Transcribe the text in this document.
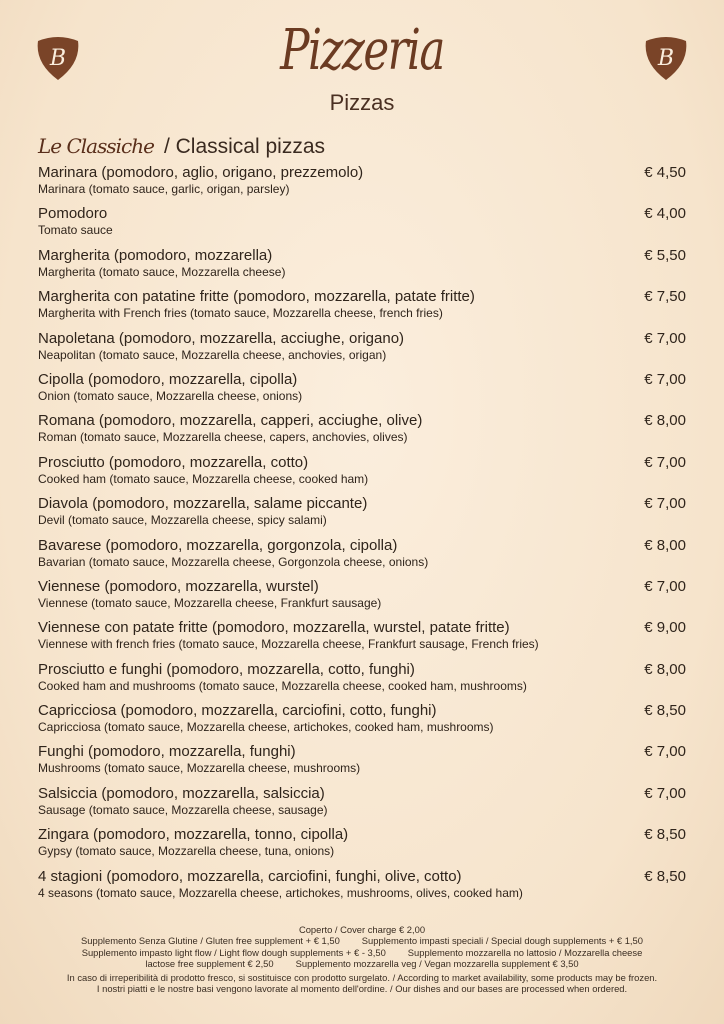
B	B
Pizzeria
Pizzas
Le Classiche / Classical pizzas
Marinara (pomodoro, aglio, origano, prezzemolo)
Marinara (tomato sauce, garlic, origan, parsley)
€ 4,50
Pomodoro
Tomato sauce
€ 4,00
Margherita (pomodoro, mozzarella)
Margherita (tomato sauce, Mozzarella cheese)
€ 5,50
Margherita con patatine fritte (pomodoro, mozzarella, patate fritte)
Margherita with French fries (tomato sauce, Mozzarella cheese, french fries)
€ 7,50
Napoletana (pomodoro, mozzarella, acciughe, origano)
Neapolitan (tomato sauce, Mozzarella cheese, anchovies, origan)
€ 7,00
Cipolla (pomodoro, mozzarella, cipolla)
Onion (tomato sauce, Mozzarella cheese, onions)
€ 7,00
Romana (pomodoro, mozzarella, capperi, acciughe, olive)
Roman (tomato sauce, Mozzarella cheese, capers, anchovies, olives)
€ 8,00
Prosciutto (pomodoro, mozzarella, cotto)
Cooked ham (tomato sauce, Mozzarella cheese, cooked ham)
€ 7,00
Diavola (pomodoro, mozzarella, salame piccante)
Devil (tomato sauce, Mozzarella cheese, spicy salami)
€ 7,00
Bavarese (pomodoro, mozzarella, gorgonzola, cipolla)
Bavarian (tomato sauce, Mozzarella cheese, Gorgonzola cheese, onions)
€ 8,00
Viennese (pomodoro, mozzarella, wurstel)
Viennese (tomato sauce, Mozzarella cheese, Frankfurt sausage)
€ 7,00
Viennese con patate fritte (pomodoro, mozzarella, wurstel, patate fritte)
Viennese with french fries (tomato sauce, Mozzarella cheese, Frankfurt sausage, French fries)
€ 9,00
Prosciutto e funghi (pomodoro, mozzarella, cotto, funghi)
Cooked ham and mushrooms (tomato sauce, Mozzarella cheese, cooked ham, mushrooms)
€ 8,00
Capricciosa (pomodoro, mozzarella, carciofini, cotto, funghi)
Capricciosa (tomato sauce, Mozzarella cheese, artichokes, cooked ham, mushrooms)
€ 8,50
Funghi (pomodoro, mozzarella, funghi)
Mushrooms (tomato sauce, Mozzarella cheese, mushrooms)
€ 7,00
Salsiccia (pomodoro, mozzarella, salsiccia)
Sausage (tomato sauce, Mozzarella cheese, sausage)
€ 7,00
Zingara (pomodoro, mozzarella, tonno, cipolla)
Gypsy (tomato sauce, Mozzarella cheese, tuna, onions)
€ 8,50
4 stagioni (pomodoro, mozzarella, carciofini, funghi, olive, cotto)
4 seasons (tomato sauce, Mozzarella cheese, artichokes, mushrooms, olives, cooked ham)
€ 8,50
Coperto / Cover charge € 2,00
Supplemento Senza Glutine / Gluten free supplement + € 1,50 Supplemento impasti speciali / Special dough supplements + € 1,50
Supplemento impasto light flow / Light flow dough supplements + € - 3,50 Supplemento mozzarella no lattosio / Mozzarella cheese
lactose free supplement € 2,50 Supplemento mozzarella veg / Vegan mozzarella supplement € 3,50
In caso di irreperibilità di prodotto fresco, si sostituisce con prodotto surgelato. / According to market availability, some products may be frozen.
I nostri piatti e le nostre basi vengono lavorate al momento dell'ordine. / Our dishes and our bases are processed when ordered.
